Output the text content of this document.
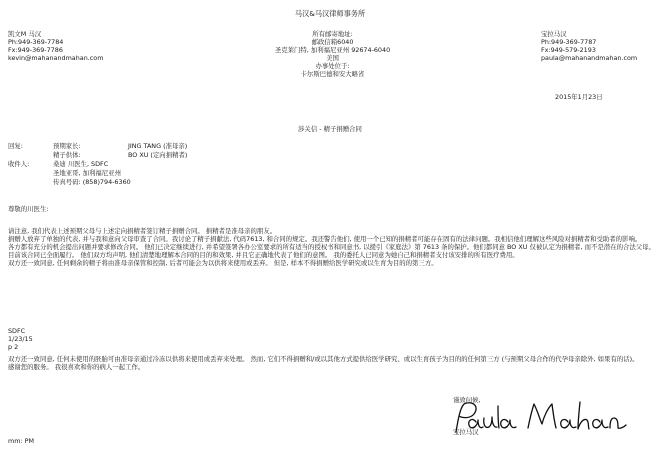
马汉&马汉律师事务所
凯文M 马汉
Ph:949-369-7784
Fx:949-369-7786
kevin@mahanandmahan.com
所有邮寄地址:
邮政信箱6040
圣克莱门特, 加利福尼亚州 92674-6040
美国
办事处位于:
卡尔斯巴德和安大略省
宝拉马汉
Ph:949-369-7787
Fx:949-579-2193
paula@mahanandmahan.com
2015年1月23日
涉关信 - 精子捐赠合同
回复:	预期家长:	JING TANG (准母亲)
精子供体:	BO XU (定向捐精者)
收件人:	桑迪 川医生, SDFC
圣地亚哥, 加利福尼亚州
传真号码: (858)794-6360
尊敬的川医生:
请注意, 我们代表上述预期父母与上述定向捐精者签订精子捐赠合同。 捐精者是准母亲的朋友。
捐赠人放弃了单独的代表, 并与我和意向父母审查了合同。我讨论了精子捐献法, 代码7613, 和合同的规定。我还警告他们, 使用一个已知的捐精者可能存在固有的法律问题。我相信他们理解这些风险对捐精者和受助者的影响。
各方都有充分的机会提出问题并要求修改合同。 他们已决定继续进行, 并希望签署各办公室要求的所有适当的授权书和同意书, 以援引《家庭法》第 7613 条的保护。他们都同意 BO XU 仅被认定为捐精者, 而不是潜在的合法父母。
目前该合同已全面履行。 他们双方均声明, 他们清楚地理解本合同的目的和效果, 并且它正确地代表了他们的意图。 我的委托人已同意为她自己和捐精者支付该安排的所有医疗费用。
双方还一致同意, 任何剩余的精子将由准母亲保管和控制, 后者可能会为以供将来使用或丢弃。 但是, 样本不得捐赠给医学研究或以生育为目的的第三方。
SDFC
1/23/15
p 2
双方还一致同意, 任何未使用的胚胎可由准母亲通过冷冻以供将来使用或丢弃来处理。 然而, 它们不得捐赠和/或以其他方式提供给医学研究、或以生育孩子为目的的任何第三方 (与预期父母合作的代孕母亲除外, 如果有的话)。
感谢您的服务。 我很喜欢和你的病人一起工作。
谨致问候,
宝拉马汉
mm: PM
